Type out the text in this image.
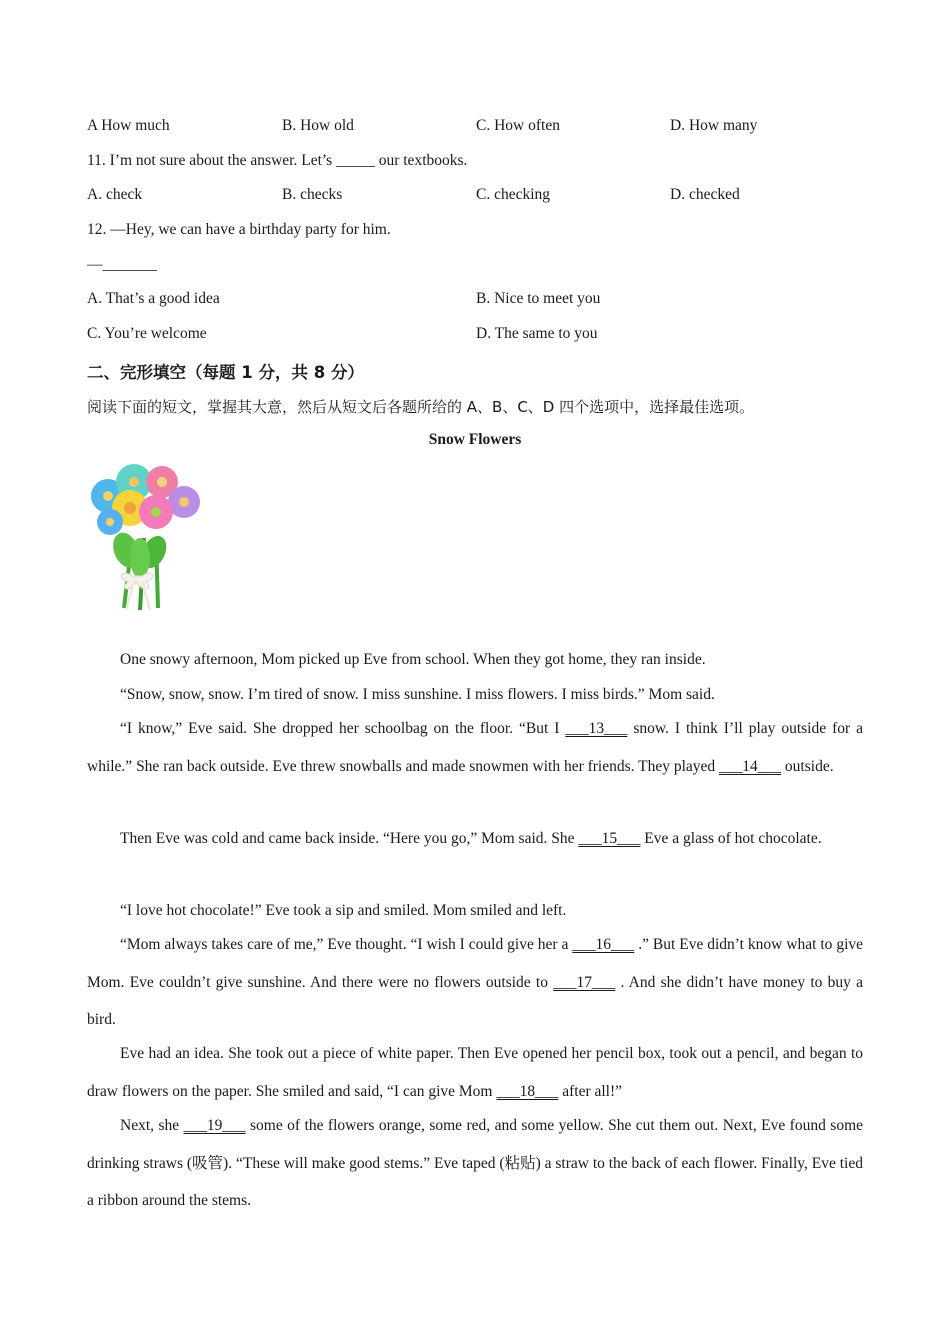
A How much	B. How old	C. How often	D. How many
11. I’m not sure about the answer. Let’s _____ our textbooks.
A. check	B. checks	C. checking	D. checked
12. —Hey, we can have a birthday party for him.
—_______
A. That’s a good idea	B. Nice to meet you
C. You’re welcome	D. The same to you
二、完形填空（每题 1 分，共 8 分）
阅读下面的短文，掌握其大意，然后从短文后各题所给的 A、B、C、D 四个选项中，选择最佳选项。
Snow Flowers
One snowy afternoon, Mom picked up Eve from school. When they got home, they ran inside.
“Snow, snow, snow. I’m tired of snow. I miss sunshine. I miss flowers. I miss birds.” Mom said.
“I know,” Eve said. She dropped her schoolbag on the floor. “But I ___13___ snow. I think I’ll play outside for a while.” She ran back outside. Eve threw snowballs and made snowmen with her friends. They played ___14___ outside.
Then Eve was cold and came back inside. “Here you go,” Mom said. She ___15___ Eve a glass of hot chocolate.
“I love hot chocolate!” Eve took a sip and smiled. Mom smiled and left.
“Mom always takes care of me,” Eve thought. “I wish I could give her a ___16___ .” But Eve didn’t know what to give Mom. Eve couldn’t give sunshine. And there were no flowers outside to ___17___ . And she didn’t have money to buy a bird.
Eve had an idea. She took out a piece of white paper. Then Eve opened her pencil box, took out a pencil, and began to draw flowers on the paper. She smiled and said, “I can give Mom ___18___ after all!”
Next, she ___19___ some of the flowers orange, some red, and some yellow. She cut them out. Next, Eve found some drinking straws (吸管). “These will make good stems.” Eve taped (粘贴) a straw to the back of each flower. Finally, Eve tied a ribbon around the stems.
